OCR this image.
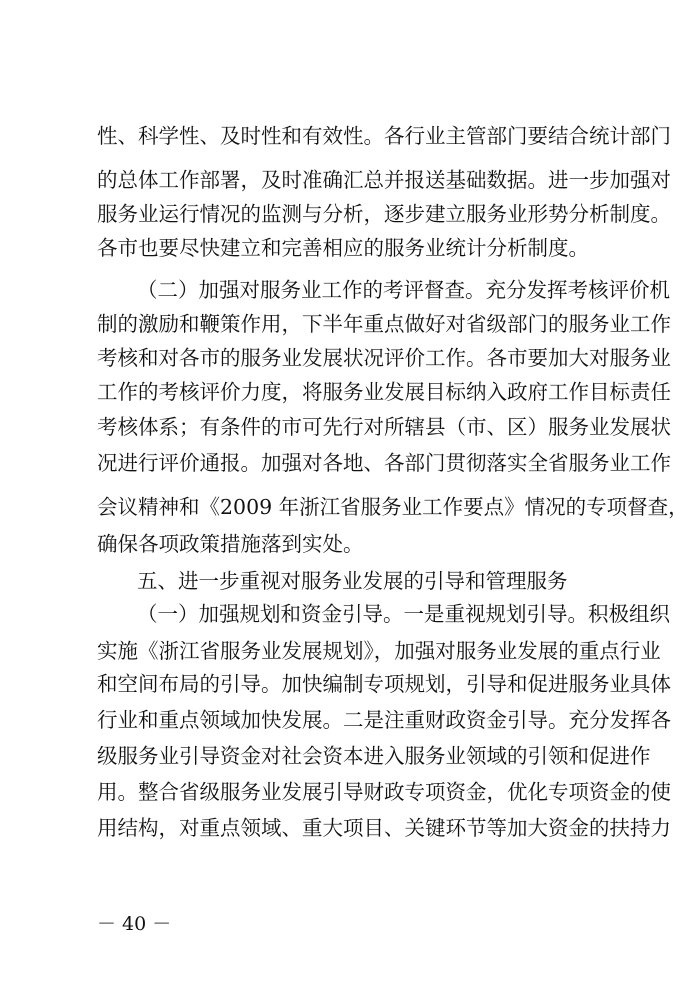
性、科学性、及时性和有效性。各行业主管部门要结合统计部门
的总体工作部署，及时准确汇总并报送基础数据。进一步加强对
服务业运行情况的监测与分析，逐步建立服务业形势分析制度。
各市也要尽快建立和完善相应的服务业统计分析制度。
（二）加强对服务业工作的考评督查。充分发挥考核评价机
制的激励和鞭策作用，下半年重点做好对省级部门的服务业工作
考核和对各市的服务业发展状况评价工作。各市要加大对服务业
工作的考核评价力度，将服务业发展目标纳入政府工作目标责任
考核体系；有条件的市可先行对所辖县（市、区）服务业发展状
况进行评价通报。加强对各地、各部门贯彻落实全省服务业工作
会议精神和《2009 年浙江省服务业工作要点》情况的专项督查，
确保各项政策措施落到实处。
五、进一步重视对服务业发展的引导和管理服务
（一）加强规划和资金引导。一是重视规划引导。积极组织
实施《浙江省服务业发展规划》，加强对服务业发展的重点行业
和空间布局的引导。加快编制专项规划，引导和促进服务业具体
行业和重点领域加快发展。二是注重财政资金引导。充分发挥各
级服务业引导资金对社会资本进入服务业领域的引领和促进作
用。整合省级服务业发展引导财政专项资金，优化专项资金的使
用结构，对重点领域、重大项目、关键环节等加大资金的扶持力
－ 40 －
